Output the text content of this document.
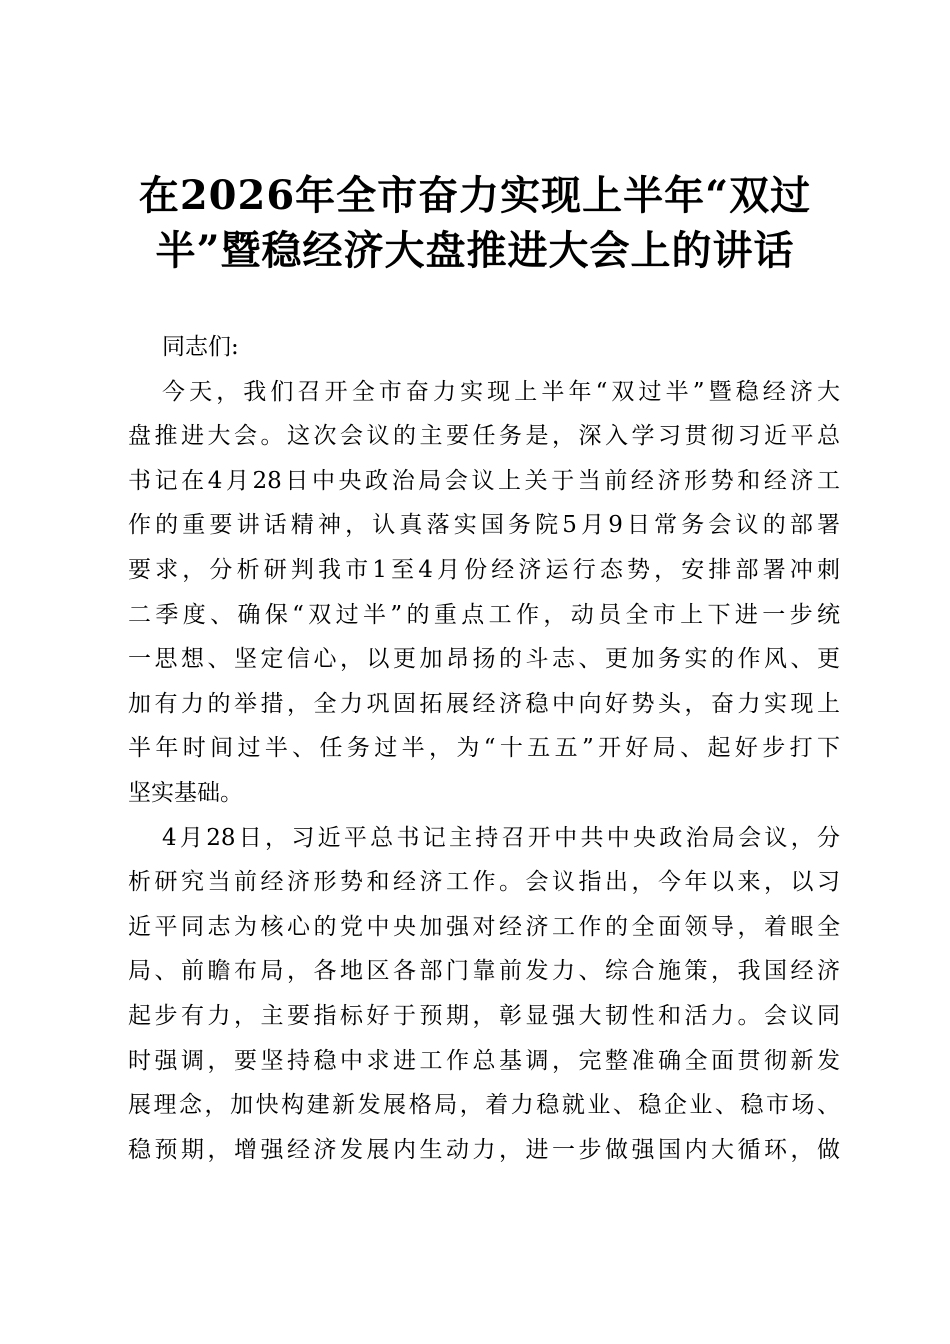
在2026年全市奋力实现上半年“双过
半”暨稳经济大盘推进大会上的讲话
同志们:
今天，我们召开全市奋力实现上半年“双过半”暨稳经济大
盘推进大会。这次会议的主要任务是，深入学习贯彻习近平总
书记在4月28日中央政治局会议上关于当前经济形势和经济工
作的重要讲话精神，认真落实国务院5月9日常务会议的部署
要求，分析研判我市1至4月份经济运行态势，安排部署冲刺
二季度、确保“双过半”的重点工作，动员全市上下进一步统
一思想、坚定信心，以更加昂扬的斗志、更加务实的作风、更
加有力的举措，全力巩固拓展经济稳中向好势头，奋力实现上
半年时间过半、任务过半，为“十五五”开好局、起好步打下
坚实基础。
4月28日，习近平总书记主持召开中共中央政治局会议，分
析研究当前经济形势和经济工作。会议指出，今年以来，以习
近平同志为核心的党中央加强对经济工作的全面领导，着眼全
局、前瞻布局，各地区各部门靠前发力、综合施策，我国经济
起步有力，主要指标好于预期，彰显强大韧性和活力。会议同
时强调，要坚持稳中求进工作总基调，完整准确全面贯彻新发
展理念，加快构建新发展格局，着力稳就业、稳企业、稳市场、
稳预期，增强经济发展内生动力，进一步做强国内大循环，做
